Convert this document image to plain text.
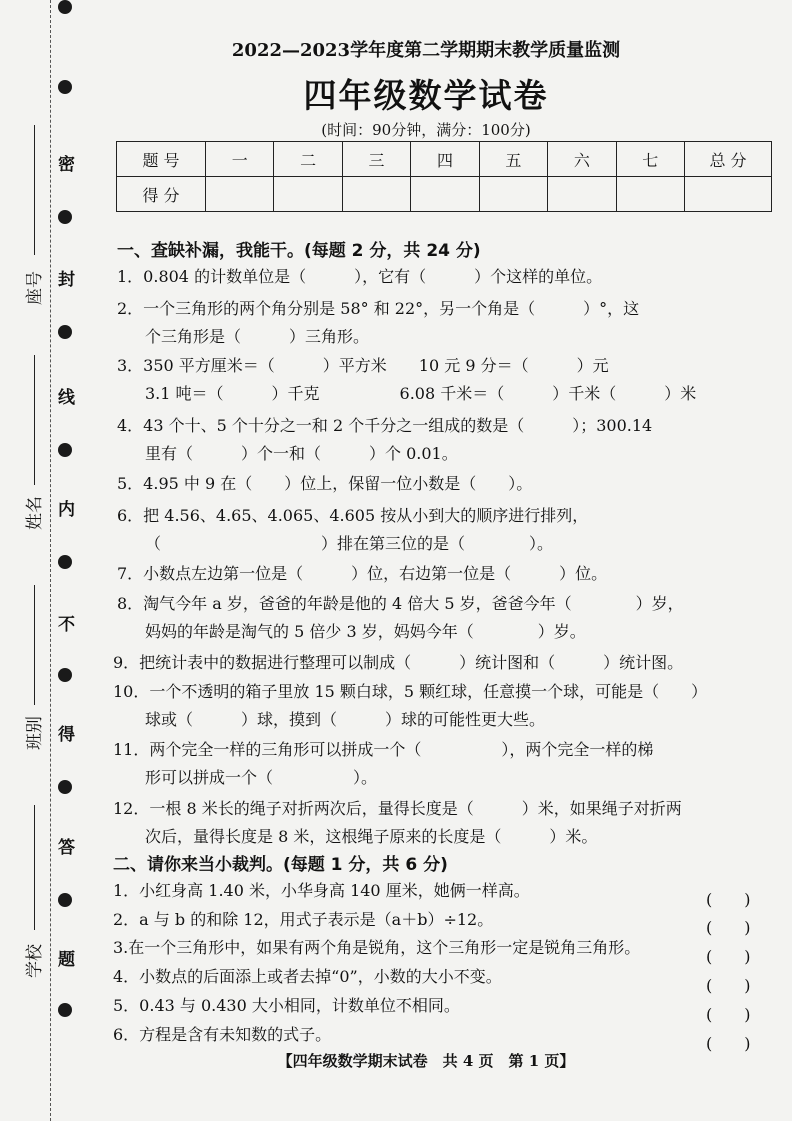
密
封
线
内
不
得
答
题
座号
姓名
班别
学校
2022—2023学年度第二学期期末教学质量监测
四年级数学试卷
(时间：90分钟，满分：100分)
题 号	一	二	三	四	五	六	七	总 分
得 分								
一、查缺补漏，我能干。(每题 2 分，共 24 分)
1．0.804 的计数单位是（　　　），它有（　　　）个这样的单位。
2．一个三角形的两个角分别是 58° 和 22°，另一个角是（　　　）°，这
个三角形是（　　　）三角形。
3．350 平方厘米＝（　　　）平方米　　10 元 9 分＝（　　　）元
3.1 吨＝（　　　）千克　　　　　6.08 千米＝（　　　）千米（　　　）米
4．43 个十、5 个十分之一和 2 个千分之一组成的数是（　　　）；300.14
里有（　　　）个一和（　　　）个 0.01。
5．4.95 中 9 在（　　）位上，保留一位小数是（　　）。
6．把 4.56、4.65、4.065、4.605 按从小到大的顺序进行排列，
（　　　　　　　　　　）排在第三位的是（　　　　）。
7．小数点左边第一位是（　　　）位，右边第一位是（　　　）位。
8．淘气今年 a 岁，爸爸的年龄是他的 4 倍大 5 岁，爸爸今年（　　　　）岁，
妈妈的年龄是淘气的 5 倍少 3 岁，妈妈今年（　　　　）岁。
9．把统计表中的数据进行整理可以制成（　　　）统计图和（　　　）统计图。
10．一个不透明的箱子里放 15 颗白球，5 颗红球，任意摸一个球，可能是（　　）
球或（　　　）球，摸到（　　　）球的可能性更大些。
11．两个完全一样的三角形可以拼成一个（　　　　　），两个完全一样的梯
形可以拼成一个（　　　　　）。
12．一根 8 米长的绳子对折两次后，量得长度是（　　　）米，如果绳子对折两
次后，量得长度是 8 米，这根绳子原来的长度是（　　　）米。
二、请你来当小裁判。(每题 1 分，共 6 分)
1．小红身高 1.40 米，小华身高 140 厘米，她俩一样高。
2．a 与 b 的和除 12，用式子表示是（a＋b）÷12。
3.在一个三角形中，如果有两个角是锐角，这个三角形一定是锐角三角形。
4．小数点的后面添上或者去掉“0”，小数的大小不变。
5．0.43 与 0.430 大小相同，计数单位不相同。
6．方程是含有未知数的式子。
(　　)
(　　)
(　　)
(　　)
(　　)
(　　)
【四年级数学期末试卷　共 4 页　第 1 页】
